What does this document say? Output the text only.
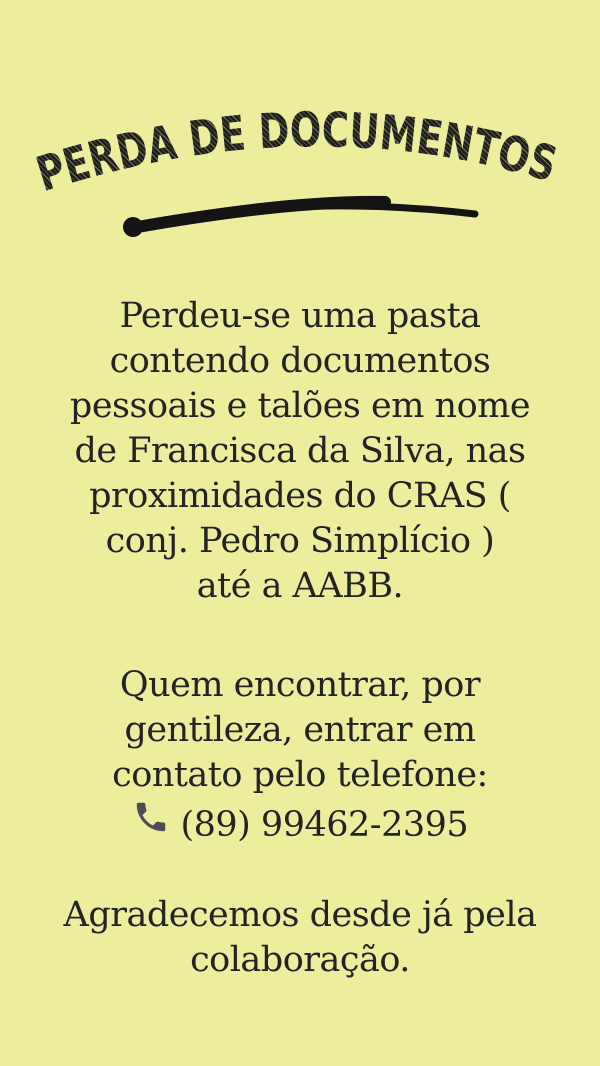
PERDA DE DOCUMENTOS
Perdeu-se uma pasta
contendo documentos
pessoais e talões em nome
de Francisca da Silva, nas
proximidades do CRAS (
conj. Pedro Simplício )
até a AABB.
Quem encontrar, por
gentileza, entrar em
contato pelo telefone:
(89) 99462-2395
Agradecemos desde já pela
colaboração.
